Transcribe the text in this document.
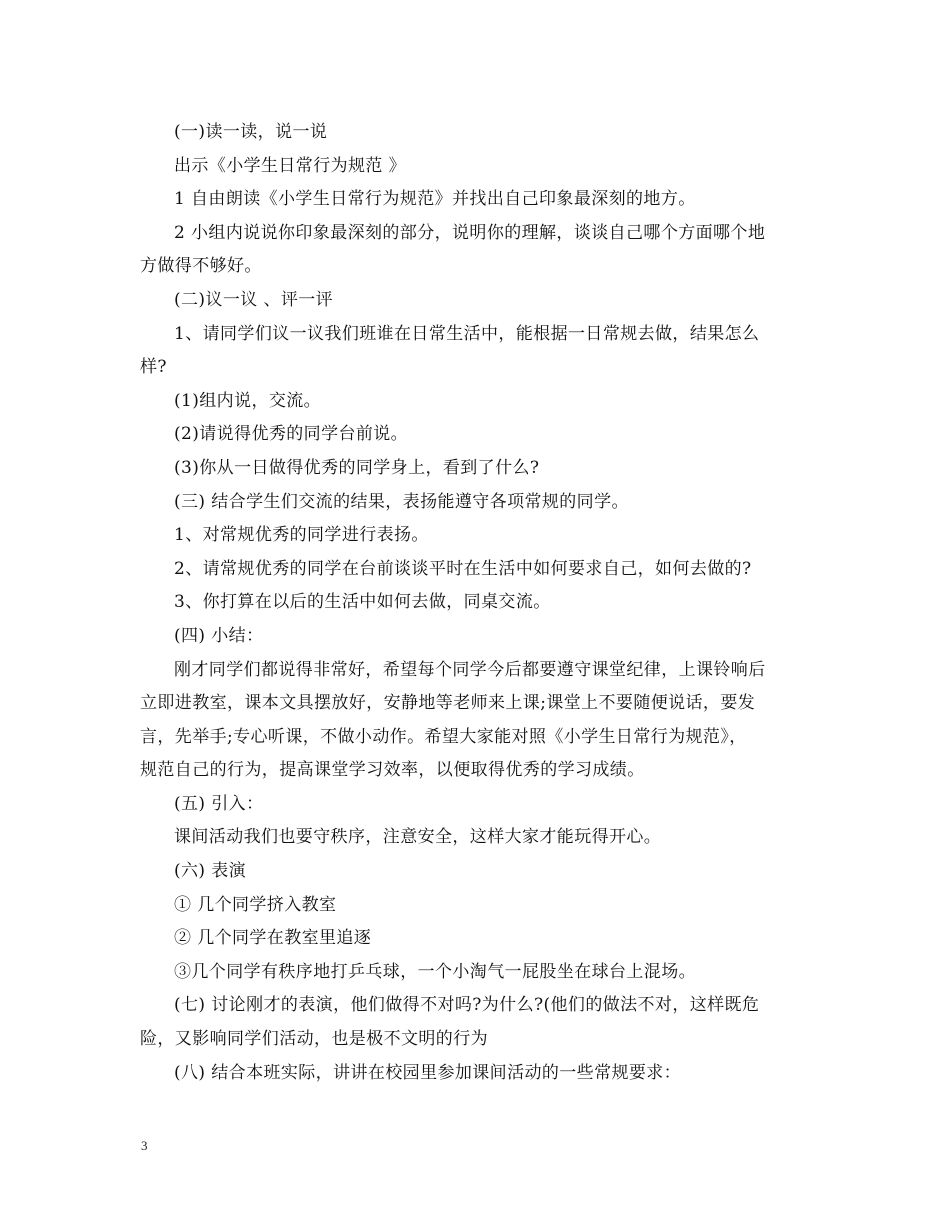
(一)读一读，说一说
出示《小学生日常行为规范 》
1 自由朗读《小学生日常行为规范》并找出自己印象最深刻的地方。
2 小组内说说你印象最深刻的部分，说明你的理解，谈谈自己哪个方面哪个地
方做得不够好。
(二)议一议 、评一评
1、请同学们议一议我们班谁在日常生活中，能根据一日常规去做，结果怎么
样?
(1)组内说，交流。
(2)请说得优秀的同学台前说。
(3)你从一日做得优秀的同学身上，看到了什么?
(三) 结合学生们交流的结果，表扬能遵守各项常规的同学。
1、对常规优秀的同学进行表扬。
2、请常规优秀的同学在台前谈谈平时在生活中如何要求自己，如何去做的?
3、你打算在以后的生活中如何去做，同桌交流。
(四) 小结：
刚才同学们都说得非常好，希望每个同学今后都要遵守课堂纪律，上课铃响后
立即进教室，课本文具摆放好，安静地等老师来上课;课堂上不要随便说话，要发
言，先举手;专心听课，不做小动作。希望大家能对照《小学生日常行为规范》，
规范自己的行为，提高课堂学习效率，以便取得优秀的学习成绩。
(五) 引入：
课间活动我们也要守秩序，注意安全，这样大家才能玩得开心。
(六) 表演
① 几个同学挤入教室
② 几个同学在教室里追逐
③几个同学有秩序地打乒乓球，一个小淘气一屁股坐在球台上混场。
(七) 讨论刚才的表演，他们做得不对吗?为什么?(他们的做法不对，这样既危
险，又影响同学们活动，也是极不文明的行为
(八) 结合本班实际，讲讲在校园里参加课间活动的一些常规要求：
3
